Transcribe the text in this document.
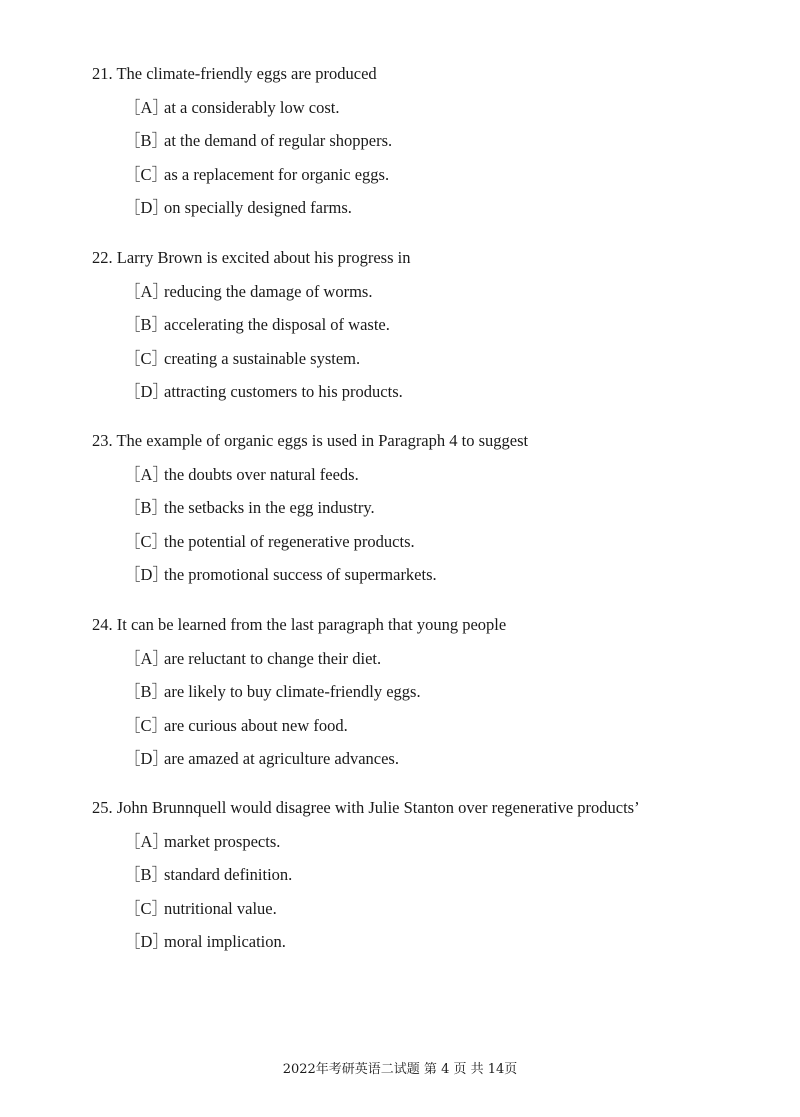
21. The climate-friendly eggs are produced

［A］
at a considerably low cost.
［B］
at the demand of regular shoppers.
［C］
as a replacement for organic eggs.
［D］
on specially designed farms.

22. Larry Brown is excited about his progress in

［A］
reducing the damage of worms.
［B］
accelerating the disposal of waste.
［C］
creating a sustainable system.
［D］
attracting customers to his products.

23. The example of organic eggs is used in Paragraph 4 to suggest

［A］
the doubts over natural feeds.
［B］
the setbacks in the egg industry.
［C］
the potential of regenerative products.
［D］
the promotional success of supermarkets.

24. It can be learned from the last paragraph that young people

［A］
are reluctant to change their diet.
［B］
are likely to buy climate-friendly eggs.
［C］
are curious about new food.
［D］
are amazed at agriculture advances.

25. John Brunnquell would disagree with Julie Stanton over regenerative products’

［A］
market prospects.
［B］
standard definition.
［C］
nutritional value.
［D］
moral implication.
2022年考研英语二试题 第 4 页 共 14页
